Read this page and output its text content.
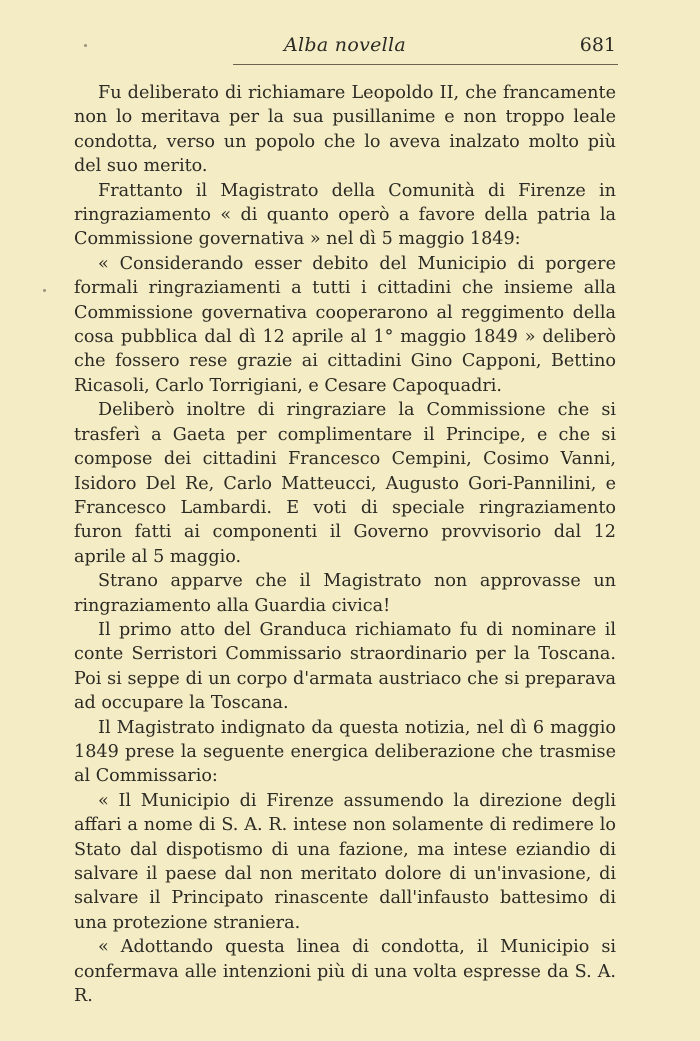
Alba novella	681

Fu deliberato di richiamare Leopoldo II, che francamente non lo meritava per la sua pusillanime e non troppo leale condotta, verso un popolo che lo aveva inalzato molto più del suo merito.

Frattanto il Magistrato della Comunità di Firenze in ringraziamento « di quanto operò a favore della patria la Commissione governativa » nel dì 5 maggio 1849:

« Considerando esser debito del Municipio di porgere formali ringraziamenti a tutti i cittadini che insieme alla Commissione governativa cooperarono al reggimento della cosa pubblica dal dì 12 aprile al 1° maggio 1849 » deliberò che fossero rese grazie ai cittadini Gino Capponi, Bettino Ricasoli, Carlo Torrigiani, e Cesare Capoquadri.

Deliberò inoltre di ringraziare la Commissione che si trasferì a Gaeta per complimentare il Principe, e che si compose dei cittadini Francesco Cempini, Cosimo Vanni, Isidoro Del Re, Carlo Matteucci, Augusto Gori-Pannilini, e Francesco Lambardi. E voti di speciale ringraziamento furon fatti ai componenti il Governo provvisorio dal 12 aprile al 5 maggio.

Strano apparve che il Magistrato non approvasse un ringraziamento alla Guardia civica!

Il primo atto del Granduca richiamato fu di nominare il conte Serristori Commissario straordinario per la Toscana. Poi si seppe di un corpo d'armata austriaco che si preparava ad occupare la Toscana.

Il Magistrato indignato da questa notizia, nel dì 6 maggio 1849 prese la seguente energica deliberazione che trasmise al Commissario:

« Il Municipio di Firenze assumendo la direzione degli affari a nome di S. A. R. intese non solamente di redimere lo Stato dal dispotismo di una fazione, ma intese eziandio di salvare il paese dal non meritato dolore di un'invasione, di salvare il Principato rinascente dall'infausto battesimo di una protezione straniera.

« Adottando questa linea di condotta, il Municipio si confermava alle intenzioni più di una volta espresse da S. A. R.
